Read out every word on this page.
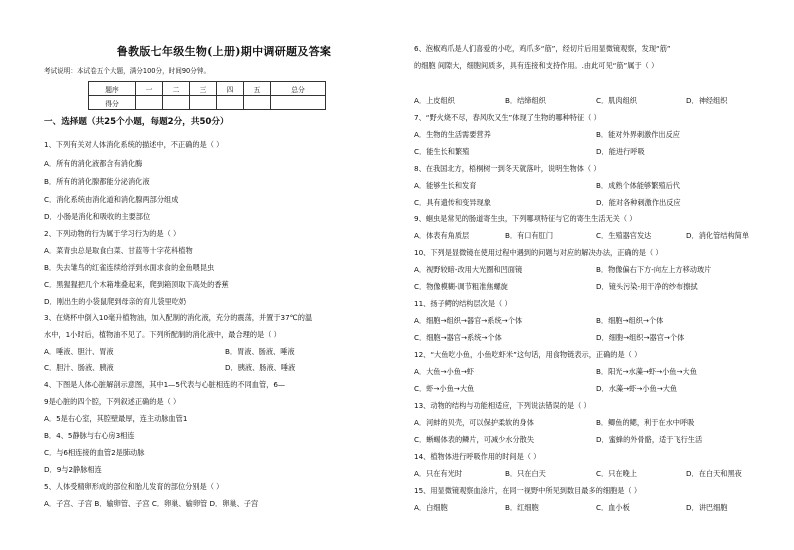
鲁教版七年级生物(上册)期中调研题及答案
考试说明：本试卷五个大题，满分100分，时间90分钟。
题序	一	二	三	四	五	总分
得分						
一、选择题（共25个小题，每题2分，共50分）
1、下列有关对人体消化系统的描述中，不正确的是（ ）
A．所有的消化液都含有消化酶
B．所有的消化腺都能分泌消化液
C．消化系统由消化道和消化腺两部分组成
D．小肠是消化和吸收的主要部位
2、下列动物的行为属于学习行为的是（ ）
A．菜青虫总是取食白菜、甘蓝等十字花科植物
B．失去雏鸟的红雀连续给浮到水面求食的金鱼喂昆虫
C．黑猩猩把几个木箱堆叠起来，爬到箱顶取下高处的香蕉
D．刚出生的小袋鼠爬到母亲的育儿袋里吃奶
3、在烧杯中倒入10毫升植物油，加入配制的消化液，充分的震荡，并置于37℃的温
水中，1小时后，植物油不见了。下列所配制的消化液中，最合理的是（ ）
A．唾液、胆汁、胃液	B．胃液、肠液、唾液
C．胆汁、肠液、胰液	D．胰液、肠液、唾液
4、下图是人体心脏解剖示意图，其中1—5代表与心脏相连的不同血管，6—
9是心脏的四个腔，下列叙述正确的是（ ）
A．5是右心室，其腔壁最厚，连主动脉血管1
B．4、5静脉与右心房3相连
C．与6相连接的血管2是肺动脉
D．9与2静脉相连
5、人体受精卵形成的部位和胎儿发育的部位分别是（ ）
A．子宫、子宫 B．输卵管、子宫 C．卵巢、输卵管 D．卵巢、子宫
6、泡椒鸡爪是人们喜爱的小吃，鸡爪多“筋”，经切片后用显微镜观察，发现“筋”
的细胞 间隙大，细胞间质多，具有连接和支持作用。.由此可见“筋”属于（ ）
A．上皮组织	B．结缔组织	C．肌肉组织	D．神经组织
7、“野火烧不尽，春风吹又生”体现了生物的哪种特征（ ）
A．生物的生活需要营养	B．能对外界刺激作出反应
C．能生长和繁殖	D．能进行呼吸
8、在我国北方，梧桐树一到冬天就落叶，说明生物体（ ）
A．能够生长和发育	B．成熟个体能够繁殖后代
C．具有遗传和变异现象	D．能对各种刺激作出反应
9、蛔虫是常见的肠道寄生虫，下列哪项特征与它的寄生生活无关（ ）
A．体表有角质层	B．有口有肛门	C．生殖器官发达	D．消化管结构简单
10、下列是显微镜在使用过程中遇到的问题与对应的解决办法，正确的是（ ）
A．视野较暗-改用大光圈和凹面镜	B．物像偏右下方-向左上方移动玻片
C．物像模糊-调节粗准焦螺旋	D．镜头污染-用干净的纱布擦拭
11、扬子鳄的结构层次是（ ）
A．细胞→组织→器官→系统→个体	B．细胞→组织→个体
C．细胞→器官→系统→个体	D．细胞→组织→器官→个体
12、“大鱼吃小鱼，小鱼吃虾米”这句话，用食物链表示，正确的是（ ）
A．大鱼→小鱼→虾	B．阳光→水藻→虾→小鱼→大鱼
C．虾→小鱼→大鱼	D．水藻→虾→小鱼→大鱼
13、动物的结构与功能相适应，下列说法错误的是（ ）
A．河蚌的贝壳，可以保护柔软的身体	B．鲫鱼的鳃，利于在水中呼吸
C．蜥蜴体表的鳞片，可减少水分散失	D．蜜蜂的外骨骼，适于飞行生活
14、植物体进行呼吸作用的时间是（ ）
A．只在有光时	B．只在白天	C．只在晚上	D．在白天和黑夜
15、用显微镜观察血涂片，在同一视野中所见到数目最多的细胞是（ ）
A．白细胞	B．红细胞	C．血小板	D．讲巴细胞
